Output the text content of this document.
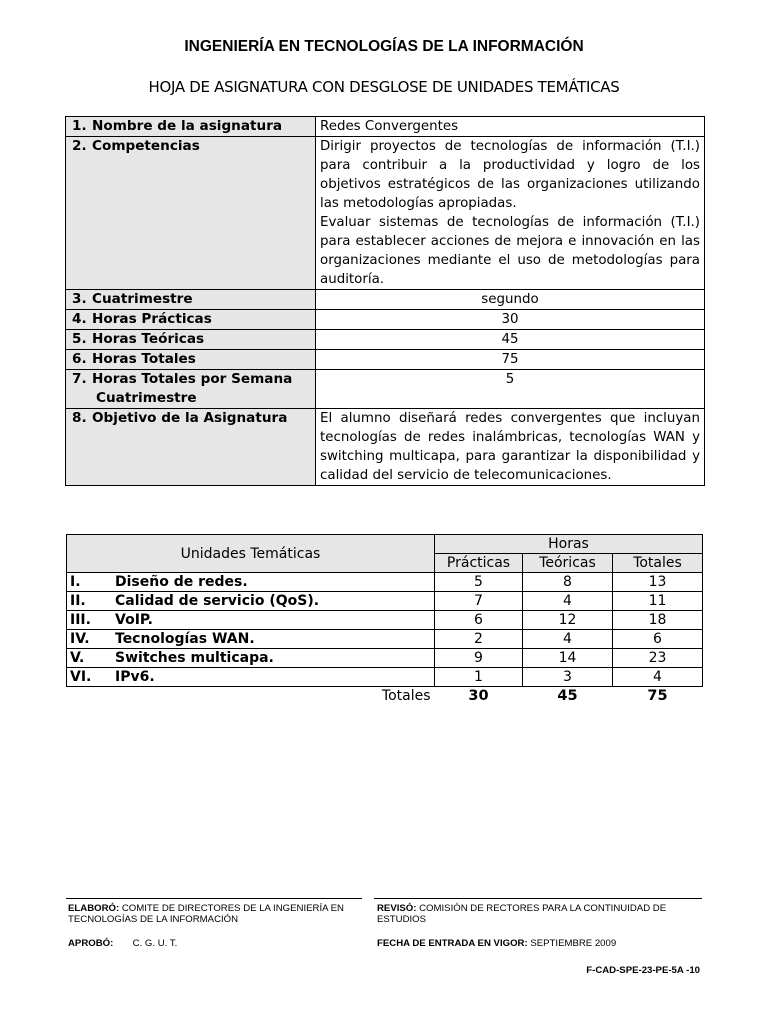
INGENIERÍA EN TECNOLOGÍAS DE LA INFORMACIÓN
HOJA DE ASIGNATURA CON DESGLOSE DE UNIDADES TEMÁTICAS
1. Nombre de la asignatura	Redes Convergentes
2. Competencias	Dirigir proyectos de tecnologías de información (T.I.) para contribuir a la productividad y logro de los objetivos estratégicos de las organizaciones utilizando las metodologías apropiadas.

Evaluar sistemas de tecnologías de información (T.I.) para establecer acciones de mejora e innovación en las organizaciones mediante el uso de metodologías para auditoría.

3. Cuatrimestre	segundo
4. Horas Prácticas	30
5. Horas Teóricas	45
6. Horas Totales	75
7. Horas Totales por Semana
Cuatrimestre	5
8. Objetivo de la Asignatura	El alumno diseñará redes convergentes que incluyan tecnologías de redes inalámbricas, tecnologías WAN y switching multicapa, para garantizar la disponibilidad y calidad del servicio de telecomunicaciones.

Unidades Temáticas	Horas		
	Prácticas	Teóricas	Totales
I. Diseño de redes.	5	8	13
II. Calidad de servicio (QoS).	7	4	11
III. VoIP.	6	12	18
IV. Tecnologías WAN.	2	4	6
V. Switches multicapa.	9	14	23
VI. IPv6.	1	3	4
Totales	30	45	75
ELABORÓ: COMITE DE DIRECTORES DE LA INGENIERÍA EN TECNOLOGÍAS DE LA INFORMACIÓN
REVISÓ: COMISIÓN DE RECTORES PARA LA CONTINUIDAD DE ESTUDIOS
APROBÓ: C. G. U. T.	FECHA DE ENTRADA EN VIGOR: SEPTIEMBRE 2009
F-CAD-SPE-23-PE-5A -10
